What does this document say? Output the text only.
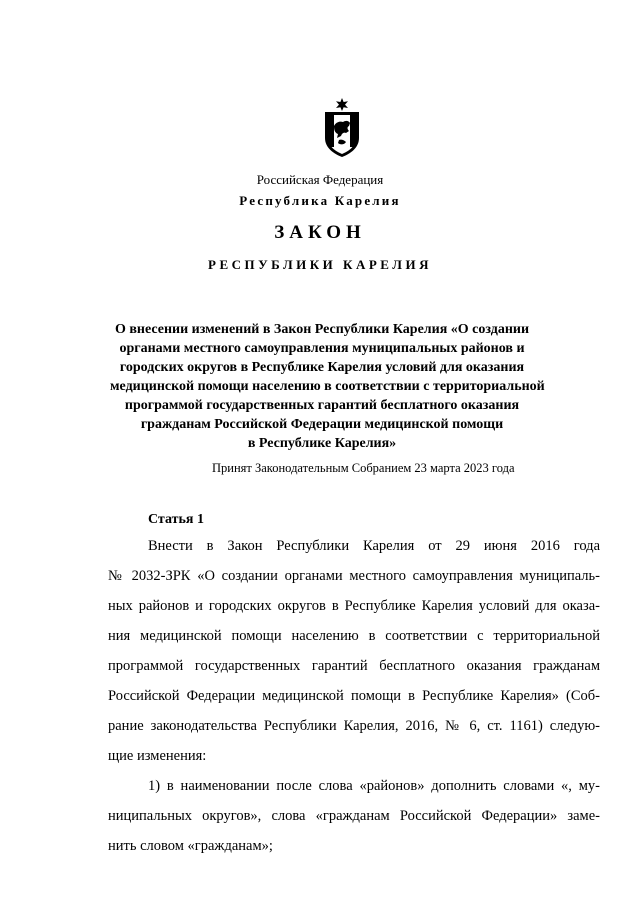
Российская Федерация
Республика Карелия
ЗАКОН
РЕСПУБЛИКИ КАРЕЛИЯ
О внесении изменений в Закон Республики Карелия «О создании
органами местного самоуправления муниципальных районов и
городских округов в Республике Карелия условий для оказания
медицинской помощи населению в соответствии с территориальной
программой государственных гарантий бесплатного оказания
гражданам Российской Федерации медицинской помощи
в Республике Карелия»
Принят Законодательным Собранием 23 марта 2023 года
Статья 1
Внести в Закон Республики Карелия от 29 июня 2016 года
№ 2032-ЗРК «О создании органами местного самоуправления муниципаль-
ных районов и городских округов в Республике Карелия условий для оказа-
ния медицинской помощи населению в соответствии с территориальной
программой государственных гарантий бесплатного оказания гражданам
Российской Федерации медицинской помощи в Республике Карелия» (Соб-
рание законодательства Республики Карелия, 2016, № 6, ст. 1161) следую-
щие изменения:
1) в наименовании после слова «районов» дополнить словами «, му-
ниципальных округов», слова «гражданам Российской Федерации» заме-
нить словом «гражданам»;
